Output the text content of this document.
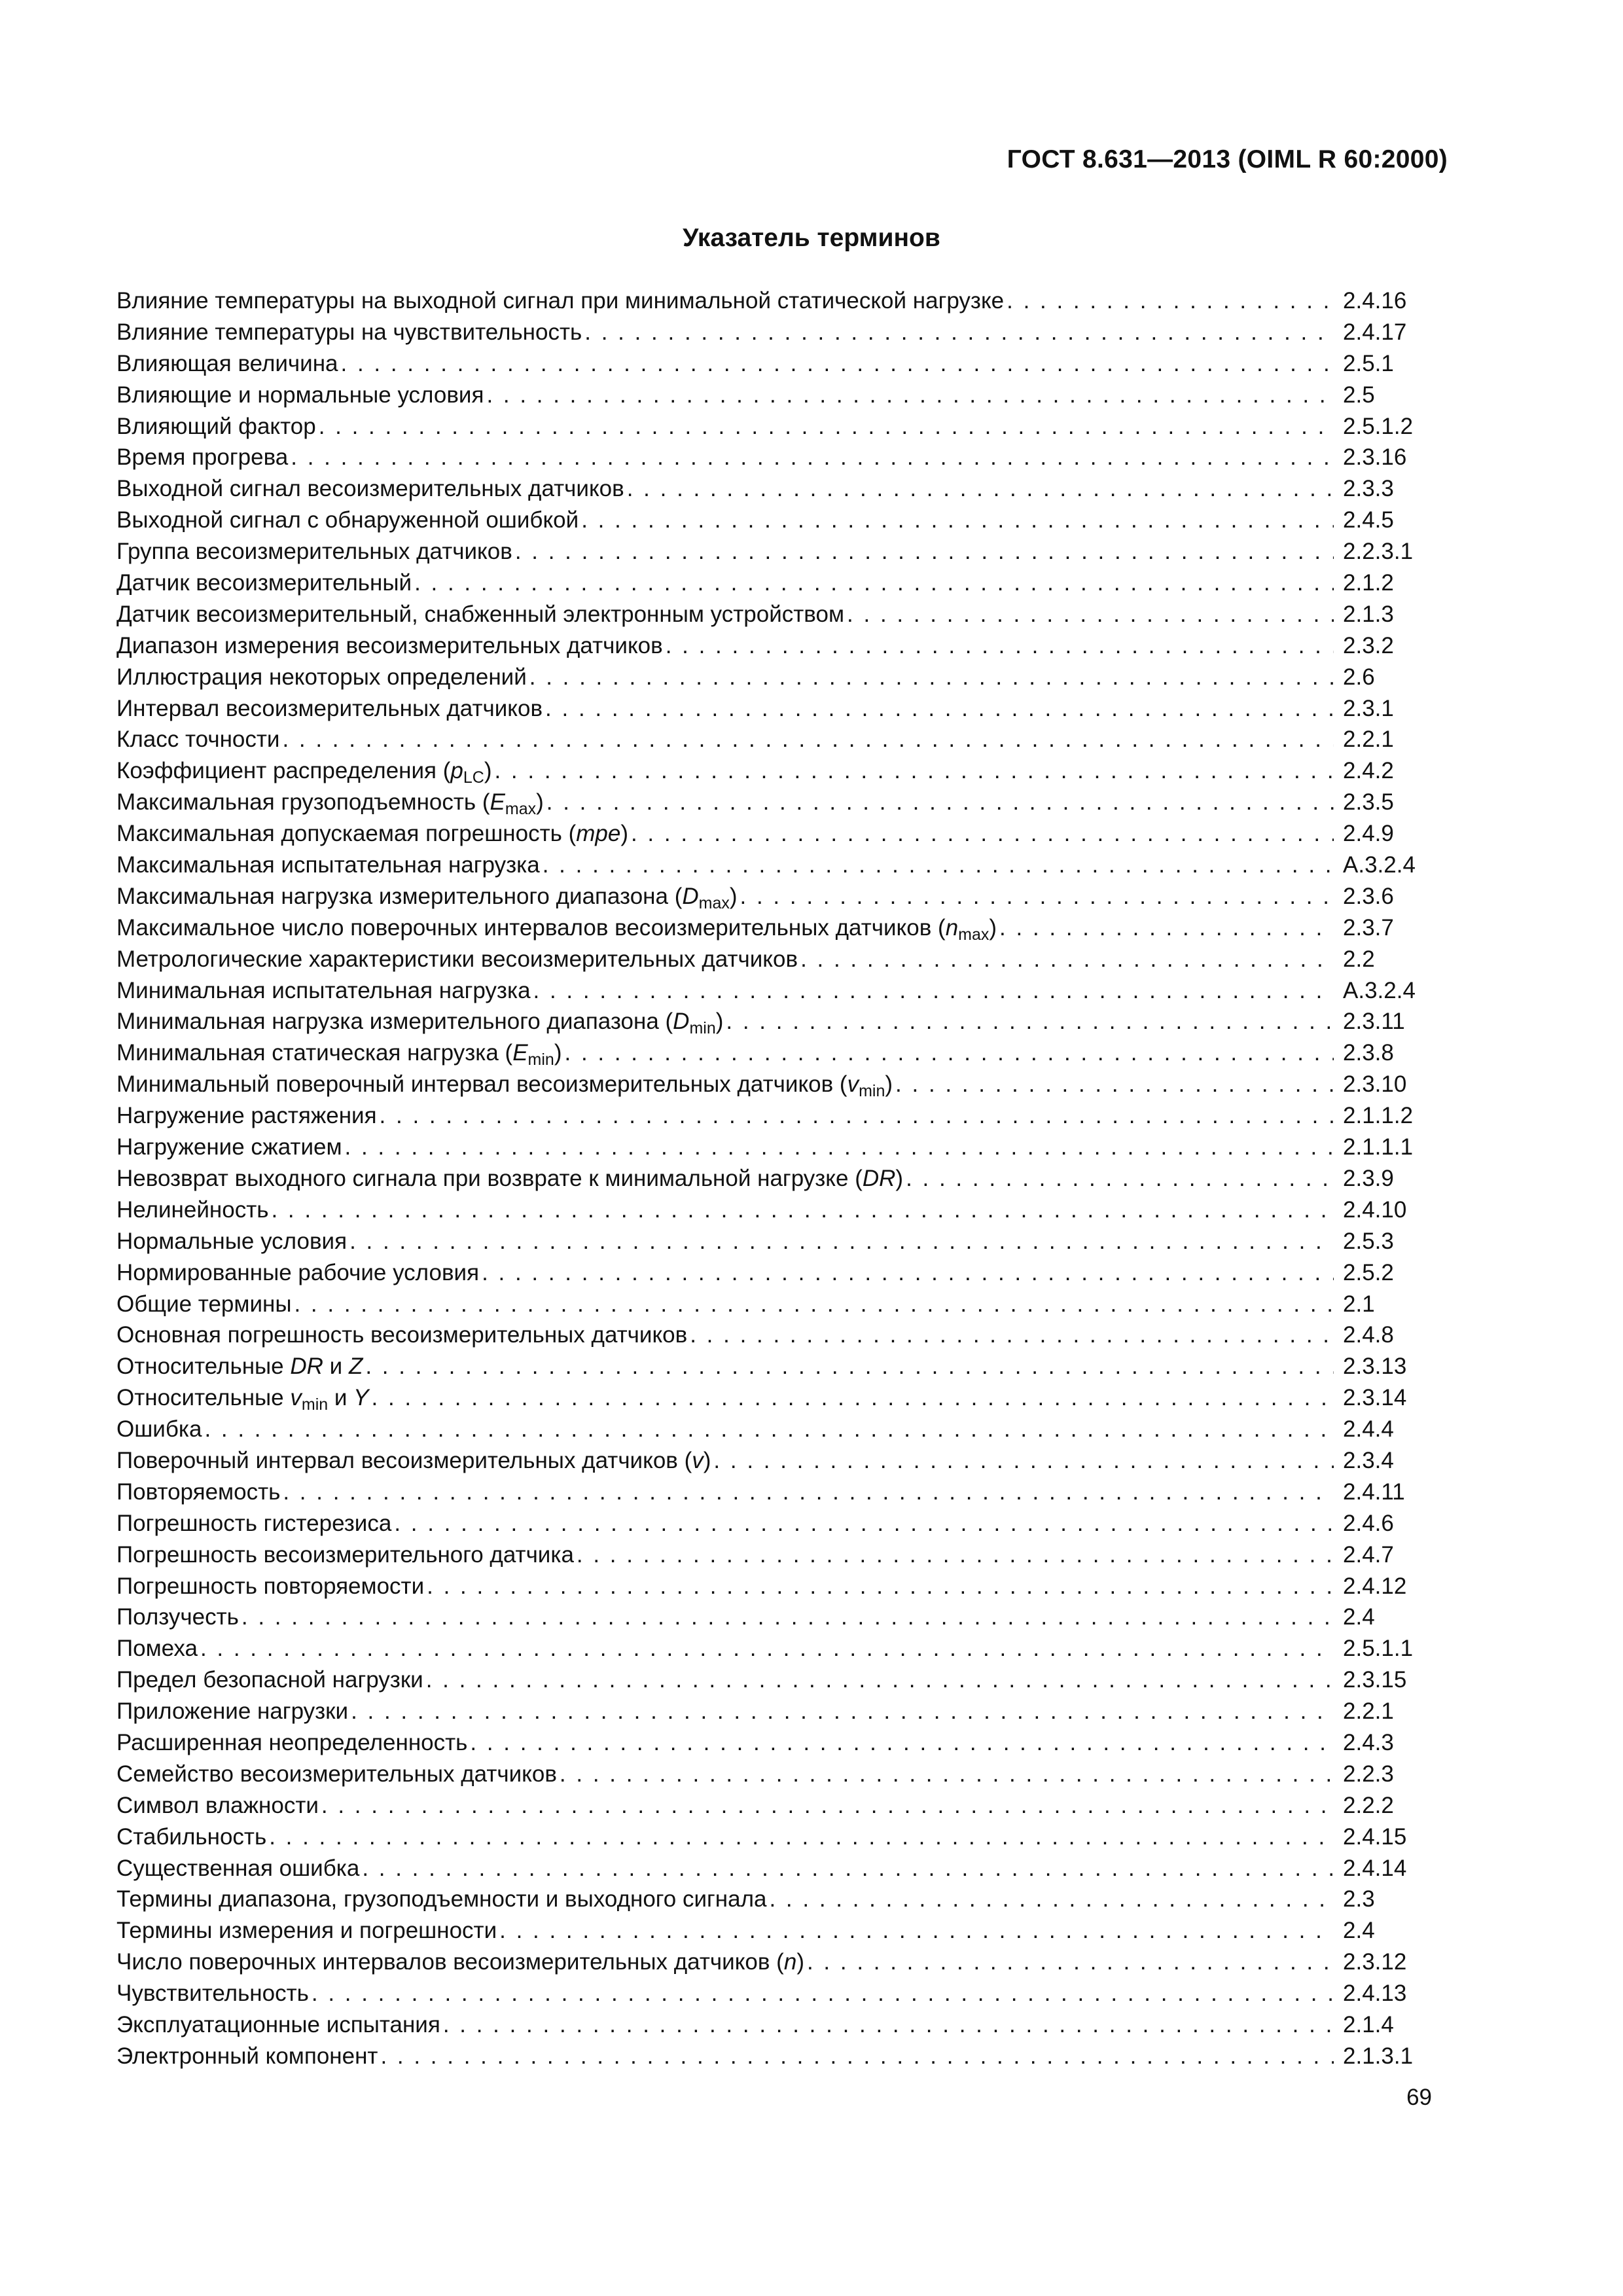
ГОСТ 8.631—2013 (OIML R 60:2000)
Указатель терминов
Влияние температуры на выходной сигнал при минимальной статической нагрузке . . .	2.4.16
Влияние температуры на чувствительность . . .	2.4.17
Влияющая величина . . .	2.5.1
Влияющие и нормальные условия . . .	2.5
Влияющий фактор . . .	2.5.1.2
Время прогрева . . .	2.3.16
Выходной сигнал весоизмерительных датчиков . . .	2.3.3
Выходной сигнал с обнаруженной ошибкой . . .	2.4.5
Группа весоизмерительных датчиков . . .	2.2.3.1
Датчик весоизмерительный . . .	2.1.2
Датчик весоизмерительный, снабженный электронным устройством . . .	2.1.3
Диапазон измерения весоизмерительных датчиков . . .	2.3.2
Иллюстрация некоторых определений . . .	2.6
Интервал весоизмерительных датчиков . . .	2.3.1
Класс точности . . .	2.2.1
Коэффициент распределения $(p_{LC})$ . . .	2.4.2
Максимальная грузоподъемность $(E_{max})$ . . .	2.3.5
Максимальная допускаемая погрешность (mpe) . . .	2.4.9
Максимальная испытательная нагрузка . . .	A.3.2.4
Максимальная нагрузка измерительного диапазона $(D_{max})$ . . .	2.3.6
Максимальное число поверочных интервалов весоизмерительных датчиков $(n_{max})$ . . .	2.3.7
Метрологические характеристики весоизмерительных датчиков . . .	2.2
Минимальная испытательная нагрузка . . .	A.3.2.4
Минимальная нагрузка измерительного диапазона $(D_{min})$ . . .	2.3.11
Минимальная статическая нагрузка $(E_{min})$ . . .	2.3.8
Минимальный поверочный интервал весоизмерительных датчиков $(v_{min})$ . . .	2.3.10
Нагружение растяжения . . .	2.1.1.2
Нагружение сжатием . . .	2.1.1.1
Невозврат выходного сигнала при возврате к минимальной нагрузке (DR) . . .	2.3.9
Нелинейность . . .	2.4.10
Нормальные условия . . .	2.5.3
Нормированные рабочие условия . . .	2.5.2
Общие термины . . .	2.1
Основная погрешность весоизмерительных датчиков . . .	2.4.8
Относительные DR и Z . . .	2.3.13
Относительные $v_{min}$ и Y . . .	2.3.14
Ошибка . . .	2.4.4
Поверочный интервал весоизмерительных датчиков (v) . . .	2.3.4
Повторяемость . . .	2.4.11
Погрешность гистерезиса . . .	2.4.6
Погрешность весоизмерительного датчика . . .	2.4.7
Погрешность повторяемости . . .	2.4.12
Ползучесть . . .	2.4
Помеха . . .	2.5.1.1
Предел безопасной нагрузки . . .	2.3.15
Приложение нагрузки . . .	2.2.1
Расширенная неопределенность . . .	2.4.3
Семейство весоизмерительных датчиков . . .	2.2.3
Символ влажности . . .	2.2.2
Стабильность . . .	2.4.15
Существенная ошибка . . .	2.4.14
Термины диапазона, грузоподъемности и выходного сигнала . . .	2.3
Термины измерения и погрешности . . .	2.4
Число поверочных интервалов весоизмерительных датчиков (n) . . .	2.3.12
Чувствительность . . .	2.4.13
Эксплуатационные испытания . . .	2.1.4
Электронный компонент . . .	2.1.3.1
69
